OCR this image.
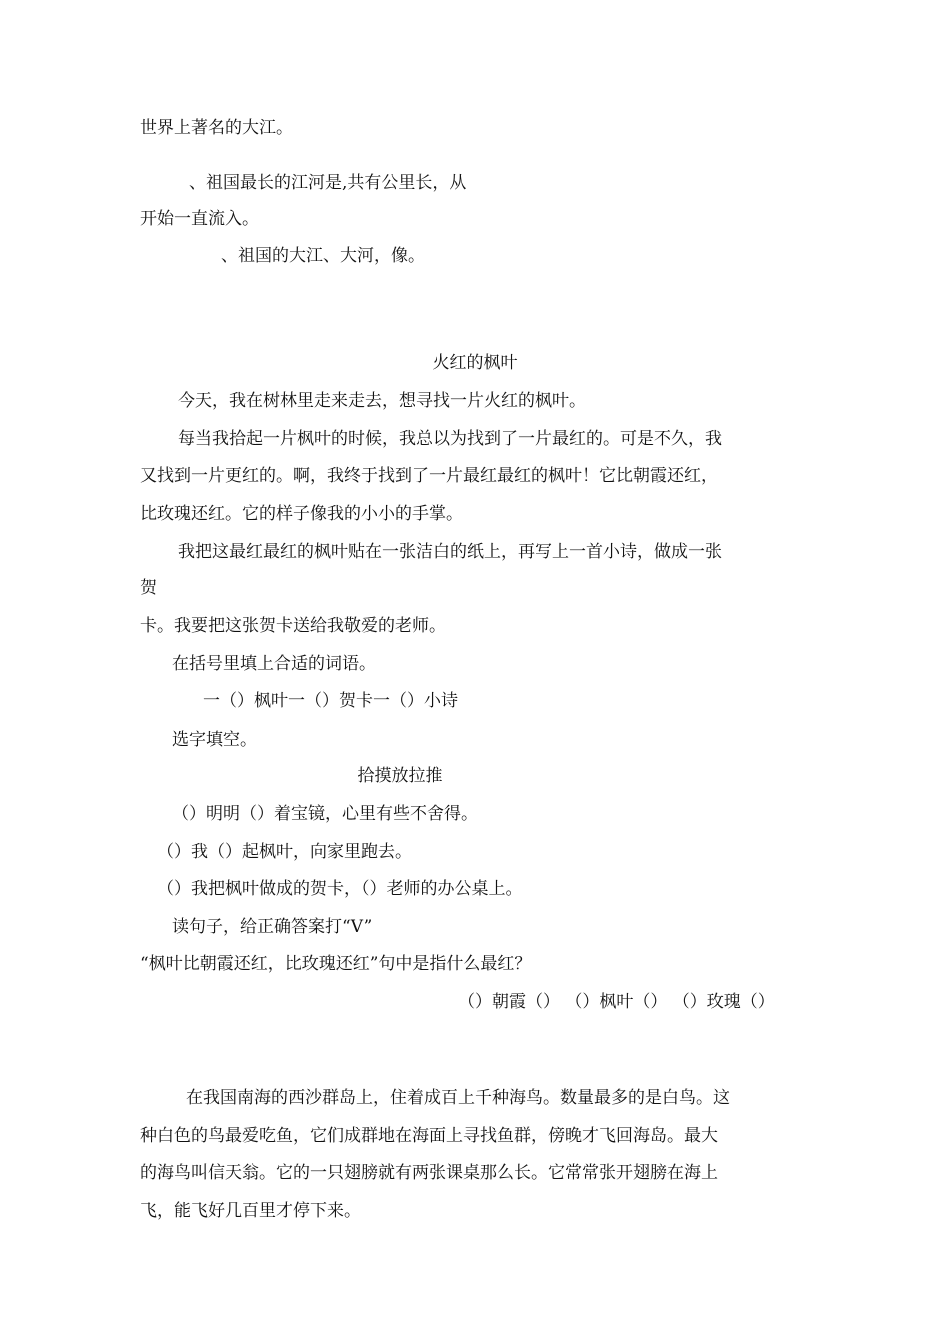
世界上著名的大江。
、祖国最长的江河是,共有公里长，从
开始一直流入。
、祖国的大江、大河，像。
火红的枫叶
今天，我在树林里走来走去，想寻找一片火红的枫叶。
每当我拾起一片枫叶的时候，我总以为找到了一片最红的。可是不久，我
又找到一片更红的。啊，我终于找到了一片最红最红的枫叶！它比朝霞还红，
比玫瑰还红。它的样子像我的小小的手掌。
我把这最红最红的枫叶贴在一张洁白的纸上，再写上一首小诗，做成一张
贺
卡。我要把这张贺卡送给我敬爱的老师。
在括号里填上合适的词语。
一（）枫叶一（）贺卡一（）小诗
选字填空。
拾摸放拉推
（）明明（）着宝镜，心里有些不舍得。
（）我（）起枫叶，向家里跑去。
（）我把枫叶做成的贺卡，（）老师的办公桌上。
读句子，给正确答案打“V”
“枫叶比朝霞还红，比玫瑰还红”句中是指什么最红？
（）朝霞（） （）枫叶（） （）玫瑰（）
在我国南海的西沙群岛上，住着成百上千种海鸟。数量最多的是白鸟。这
种白色的鸟最爱吃鱼，它们成群地在海面上寻找鱼群，傍晚才飞回海岛。最大
的海鸟叫信天翁。它的一只翅膀就有两张课桌那么长。它常常张开翅膀在海上
飞，能飞好几百里才停下来。
